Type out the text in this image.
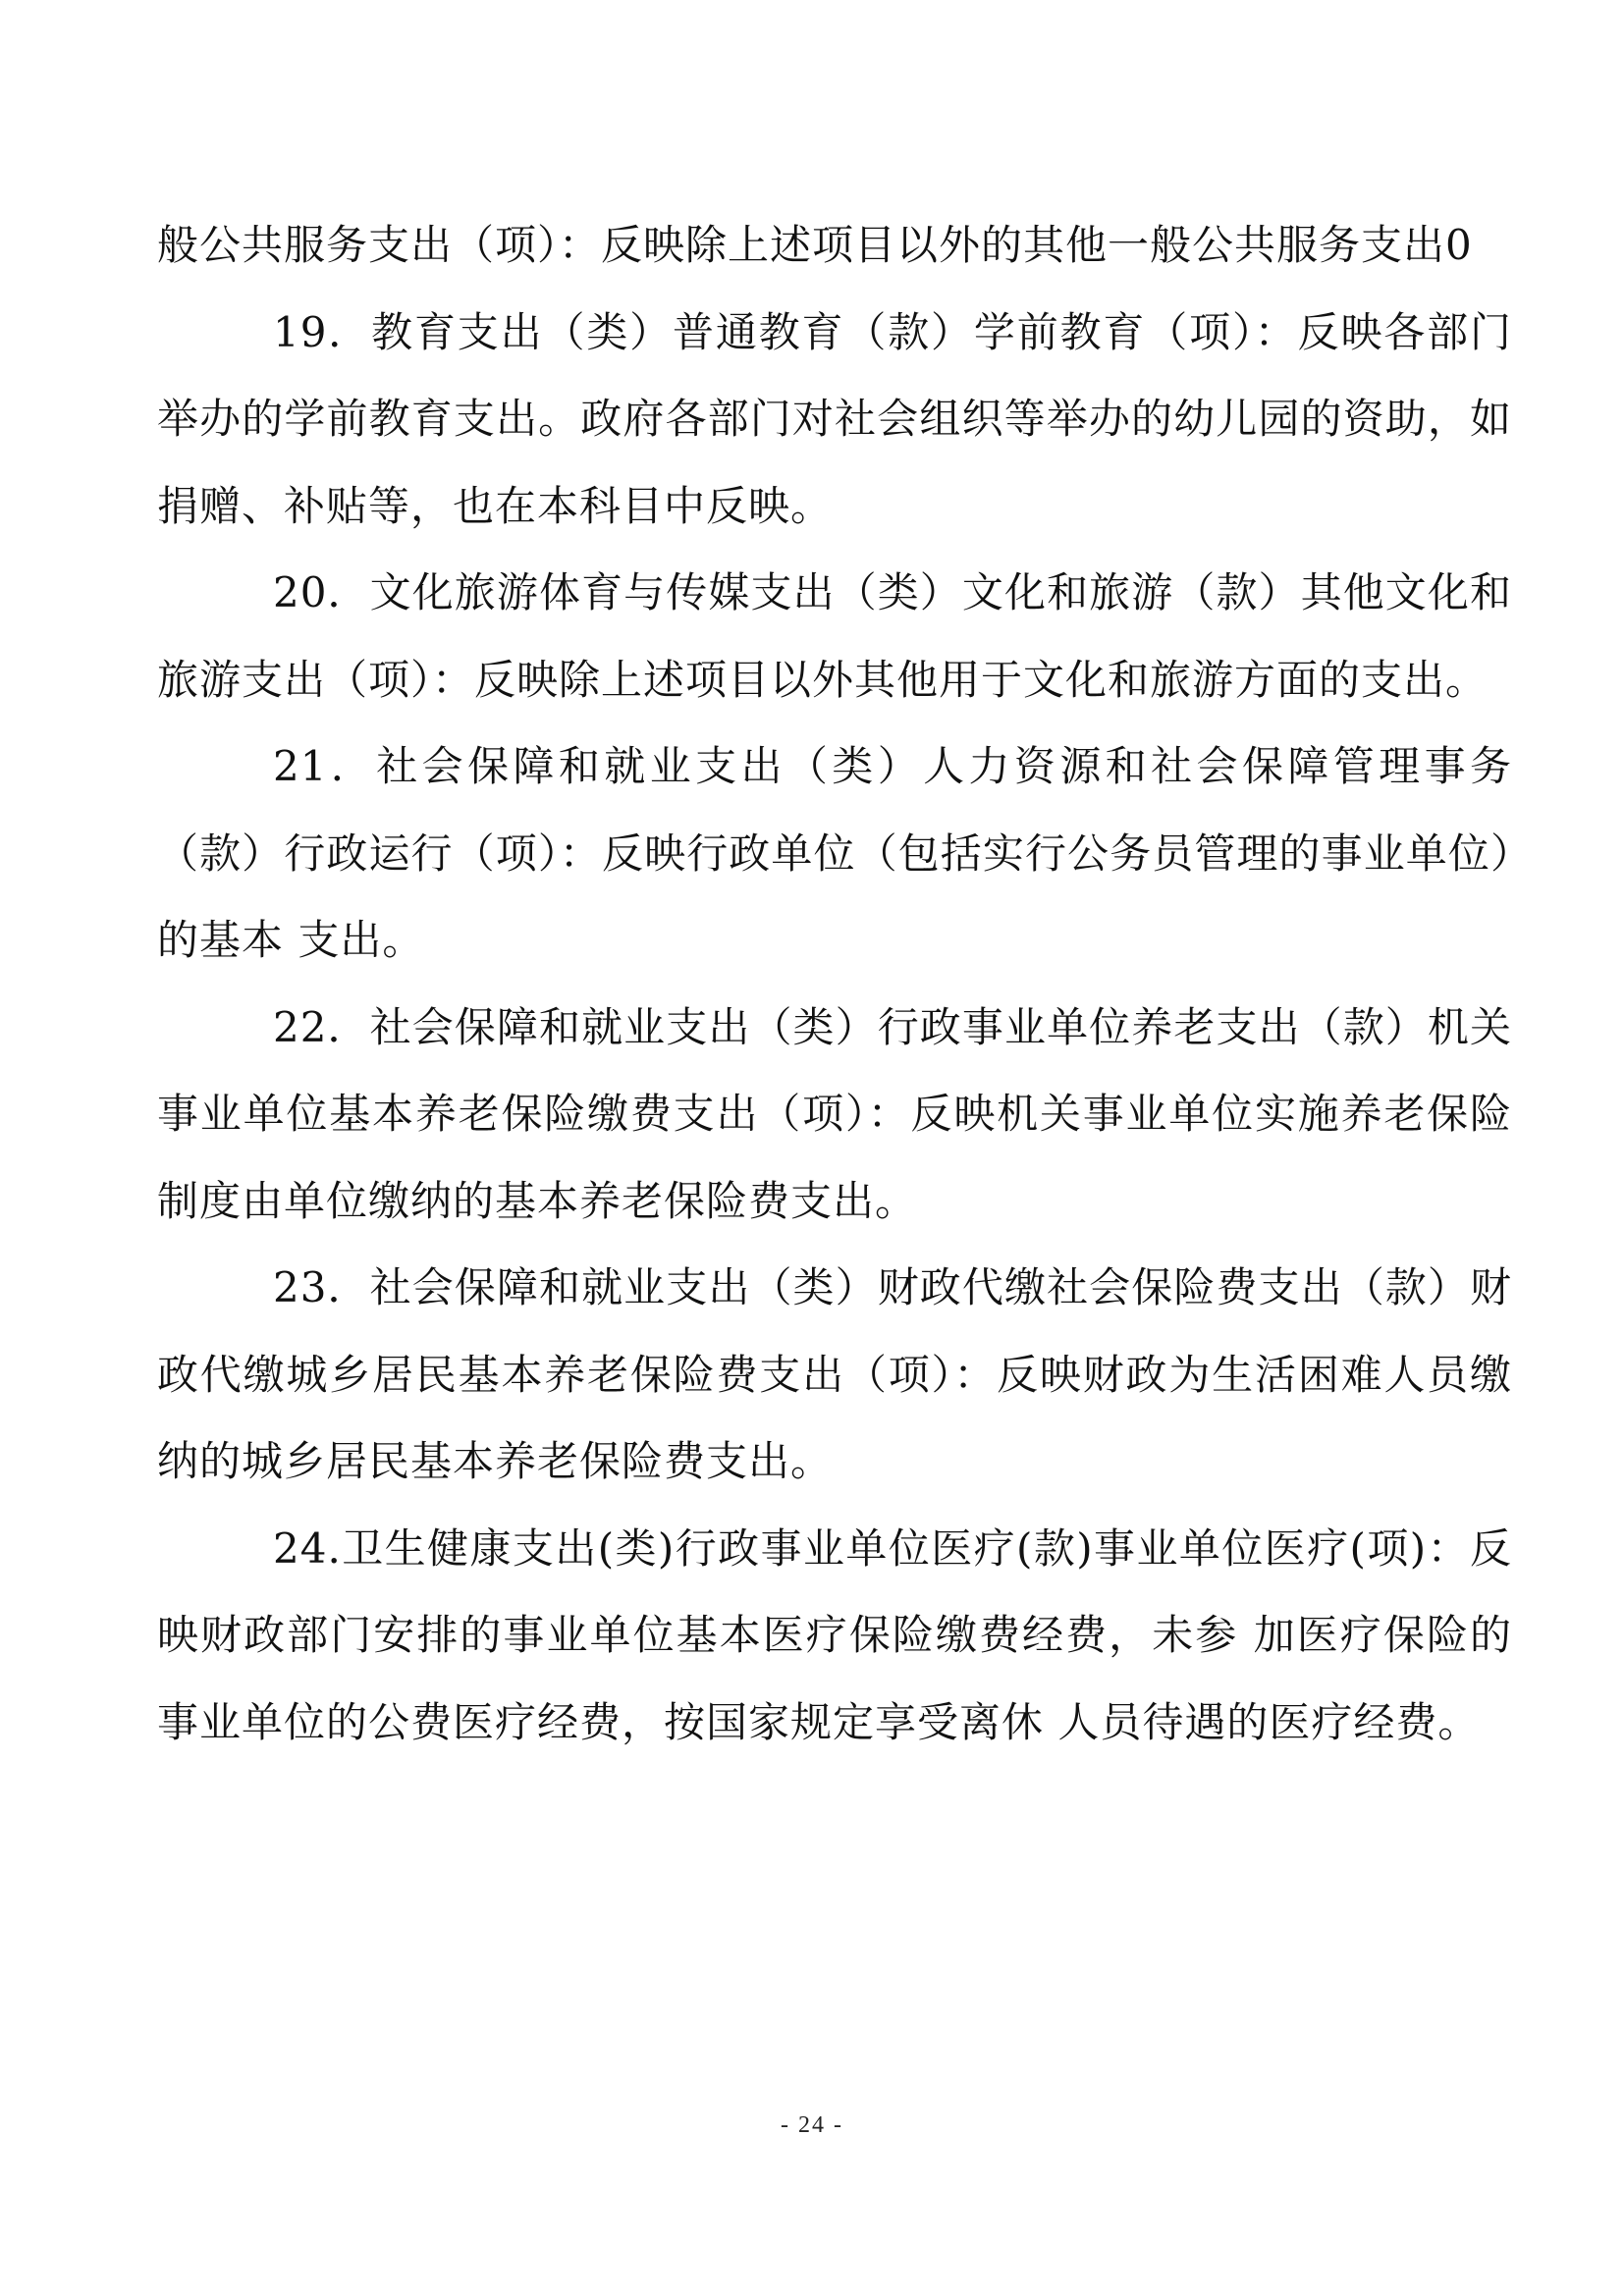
般公共服务支出（项）：反映除上述项目以外的其他一般公共服务支出0

19．教育支出（类）普通教育（款）学前教育（项）：反映各部门举办的学前教育支出。政府各部门对社会组织等举办的幼儿园的资助，如捐赠、补贴等，也在本科目中反映。

20．文化旅游体育与传媒支出（类）文化和旅游（款）其他文化和旅游支出（项）：反映除上述项目以外其他用于文化和旅游方面的支出。

21．社会保障和就业支出（类）人力资源和社会保障管理事务（款）行政运行（项）：反映行政单位（包括实行公务员管理的事业单位）的基本 支出。

22．社会保障和就业支出（类）行政事业单位养老支出（款）机关事业单位基本养老保险缴费支出（项）：反映机关事业单位实施养老保险制度由单位缴纳的基本养老保险费支出。

23．社会保障和就业支出（类）财政代缴社会保险费支出（款）财政代缴城乡居民基本养老保险费支出（项）：反映财政为生活困难人员缴纳的城乡居民基本养老保险费支出。

24.卫生健康支出(类)行政事业单位医疗(款)事业单位医疗(项)：反映财政部门安排的事业单位基本医疗保险缴费经费，未参 加医疗保险的事业单位的公费医疗经费，按国家规定享受离休 人员待遇的医疗经费。

- 24 -
